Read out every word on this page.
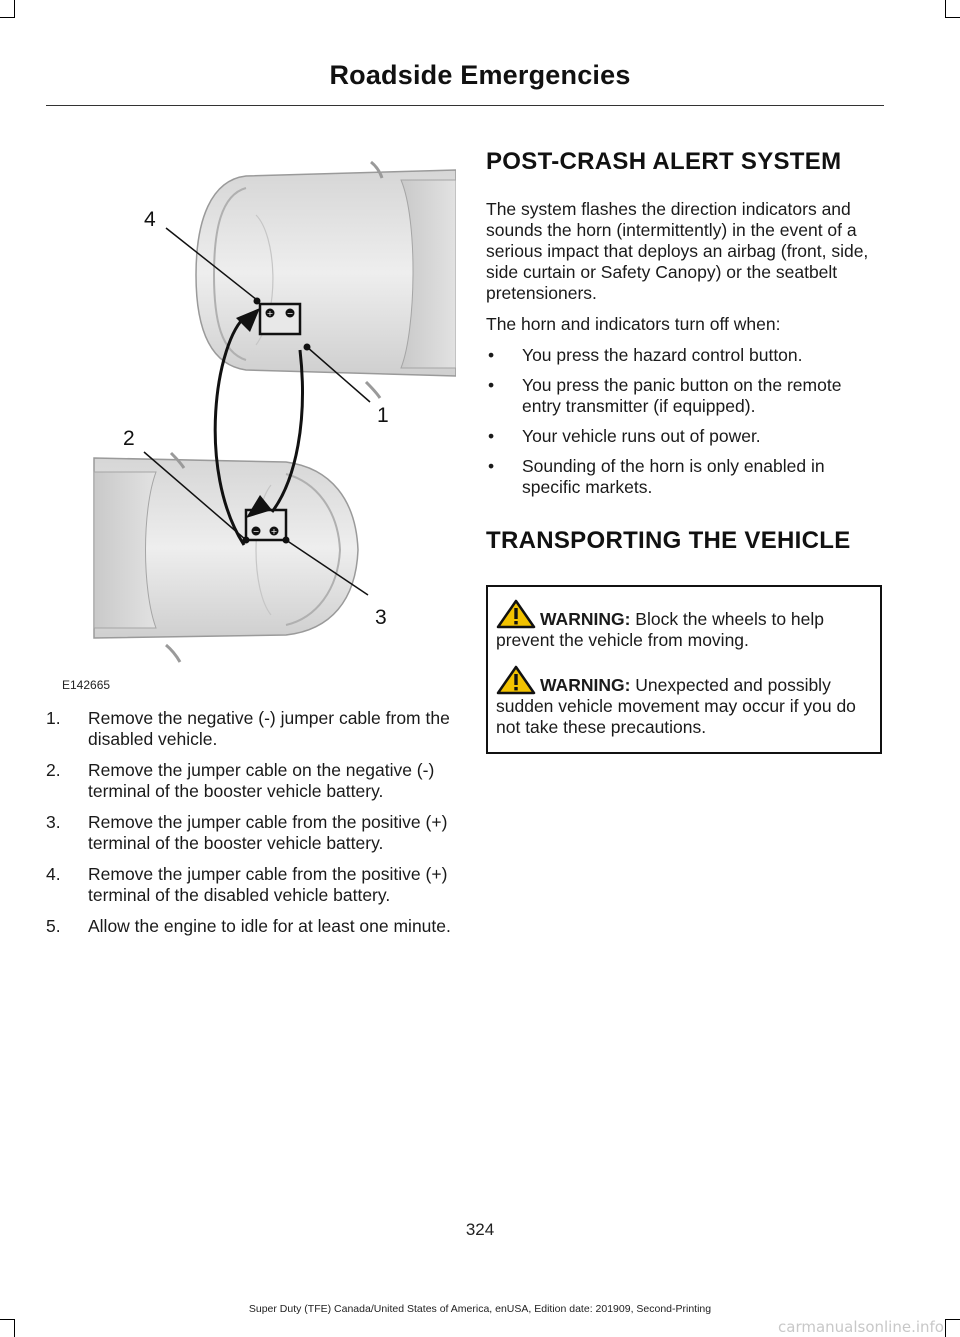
Roadside Emergencies
+ −
− +
4
1
2
3
E142665
1.	Remove the negative (-) jumper cable from the disabled vehicle.
2.	Remove the jumper cable on the negative (-) terminal of the booster vehicle battery.
3.	Remove the jumper cable from the positive (+) terminal of the booster vehicle battery.
4.	Remove the jumper cable from the positive (+) terminal of the disabled vehicle battery.
5.	Allow the engine to idle for at least one minute.
POST-CRASH ALERT SYSTEM

The system flashes the direction indicators and sounds the horn (intermittently) in the event of a serious impact that deploys an airbag (front, side, side curtain or Safety Canopy) or the seatbelt pretensioners.

The horn and indicators turn off when:

•	You press the hazard control button.
•	You press the panic button on the remote entry transmitter (if equipped).
•	Your vehicle runs out of power.
•	Sounding of the horn is only enabled in specific markets.
TRANSPORTING THE VEHICLE

WARNING: Block the wheels to help prevent the vehicle from moving.

WARNING: Unexpected and possibly sudden vehicle movement may occur if you do not take these precautions.

324
Super Duty (TFE) Canada/United States of America, enUSA, Edition date: 201909, Second-Printing
carmanualsonline.info
